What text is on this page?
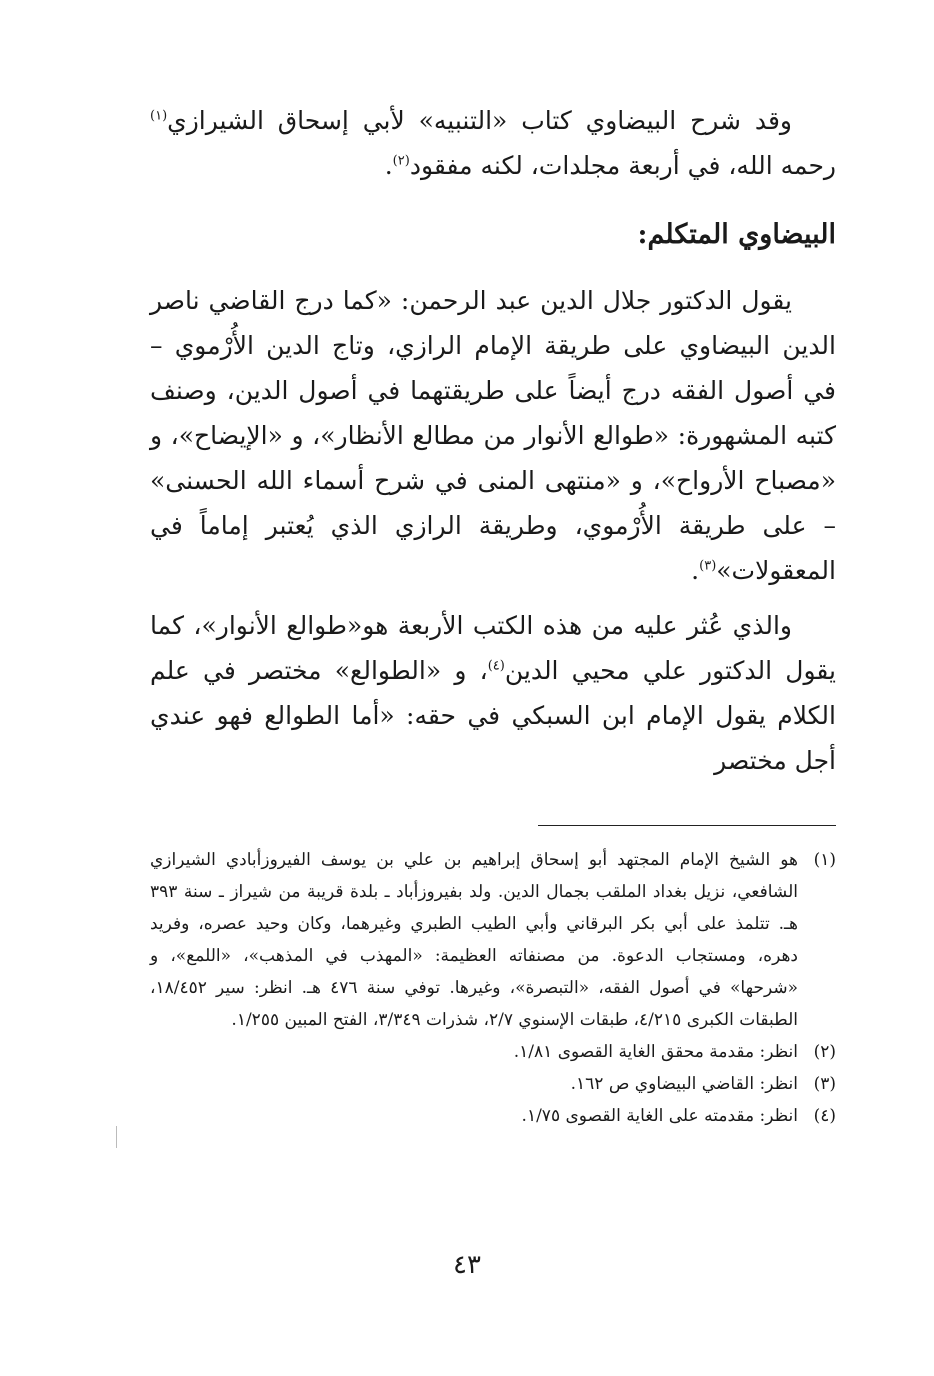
وقد شرح البيضاوي كتاب «التنبيه» لأبي إسحاق الشيرازي$^{(١)}$ رحمه الله، في أربعة مجلدات، لكنه مفقود$^{(٢)}$.

البيضاوي المتكلم:

يقول الدكتور جلال الدين عبد الرحمن: «كما درج القاضي ناصر الدين البيضاوي على طريقة الإمام الرازي، وتاج الدين الأُرْموي – في أصول الفقه درج أيضاً على طريقتهما في أصول الدين، وصنف كتبه المشهورة: «طوالع الأنوار من مطالع الأنظار»، و «الإيضاح»، و «مصباح الأرواح»، و «منتهى المنى في شرح أسماء الله الحسنى» – على طريقة الأُرْموي، وطريقة الرازي الذي يُعتبر إماماً في المعقولات»$^{(٣)}$.

والذي عُثر عليه من هذه الكتب الأربعة هو«طوالع الأنوار»، كما يقول الدكتور علي محيي الدين$^{(٤)}$، و «الطوالع» مختصر في علم الكلام يقول الإمام ابن السبكي في حقه: «أما الطوالع فهو عندي أجل مختصر

(١)
هو الشيخ الإمام المجتهد أبو إسحاق إبراهيم بن علي بن يوسف الفيروزأبادي الشيرازي الشافعي، نزيل بغداد الملقب بجمال الدين. ولد بفيروزأباد ـ بلدة قريبة من شيراز ـ سنة ٣٩٣ هـ. تتلمذ على أبي بكر البرقاني وأبي الطيب الطبري وغيرهما، وكان وحيد عصره، وفريد دهره، ومستجاب الدعوة. من مصنفاته العظيمة: «المهذب في المذهب»، «اللمع»، و «شرحها» في أصول الفقه، «التبصرة»، وغيرها. توفي سنة ٤٧٦ هـ. انظر: سير ١٨/٤٥٢، الطبقات الكبرى ٤/٢١٥، طبقات الإسنوي ٢/٧، شذرات ٣/٣٤٩، الفتح المبين ١/٢٥٥.
(٢)
انظر: مقدمة محقق الغاية القصوى ١/٨١.
(٣)
انظر: القاضي البيضاوي ص ١٦٢.
(٤)
انظر: مقدمته على الغاية القصوى ١/٧٥.
٤٣
